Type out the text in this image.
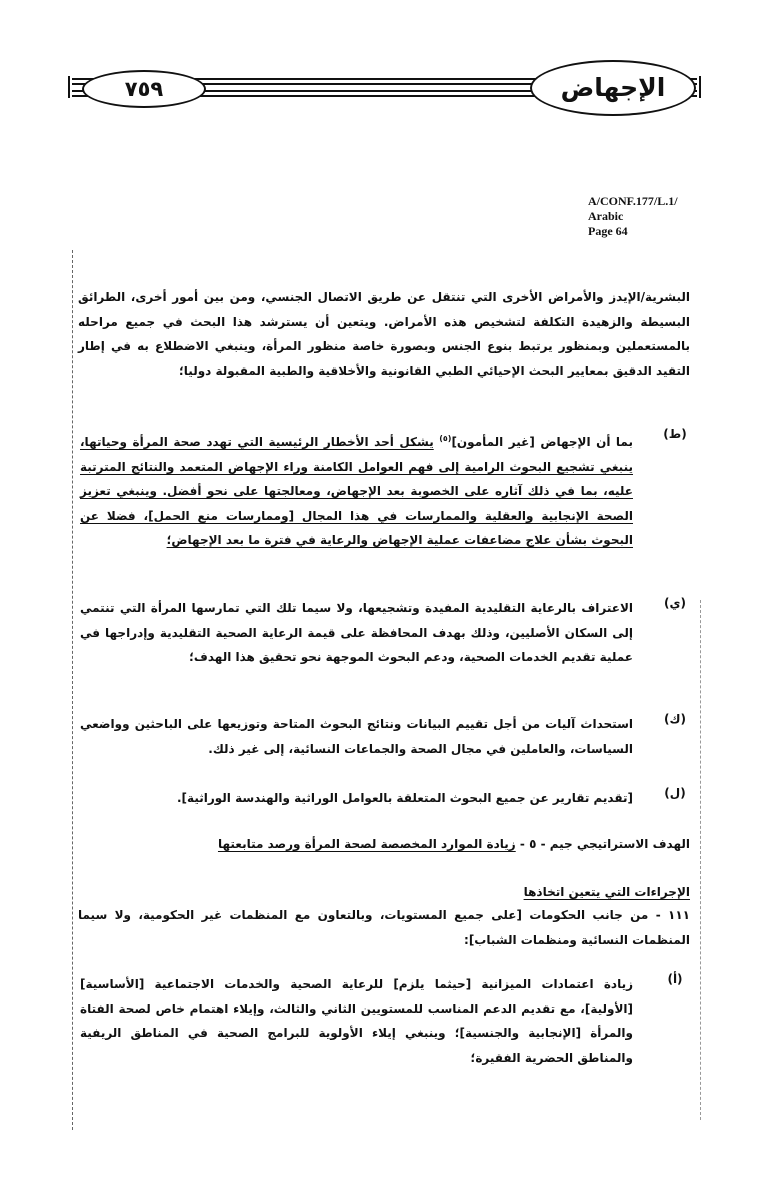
٧٥٩	الإجهاض
A/CONF.177/L.1/
Arabic
Page 64

البشرية/الإيدز والأمراض الأخرى التي تنتقل عن طريق الاتصال الجنسي، ومن بين أمور أخرى، الطرائق البسيطة والزهيدة التكلفة لتشخيص هذه الأمراض. ويتعين أن يسترشد هذا البحث في جميع مراحله بالمستعملين وبمنظور يرتبط بنوع الجنس وبصورة خاصة منظور المرأة، وينبغي الاضطلاع به في إطار التقيد الدقيق بمعايير البحث الإحيائي الطبي القانونية والأخلاقية والطبية المقبولة دوليا؛

(ط)
بما أن الإجهاض [غير المأمون]$^{(٥)}$ يشكل أحد الأخطار الرئيسية التي تهدد صحة المرأة وحياتها، ينبغي تشجيع البحوث الرامية إلى فهم العوامل الكامنة وراء الإجهاض المتعمد والنتائج المترتبة عليه، بما في ذلك آثاره على الخصوبة بعد الإجهاض، ومعالجتها على نحو أفضل. وينبغي تعزيز الصحة الإنجابية والعقلية والممارسات في هذا المجال [وممارسات منع الحمل]، فضلا عن البحوث بشأن علاج مضاعفات عملية الإجهاض والرعاية في فترة ما بعد الإجهاض؛
(ي)
الاعتراف بالرعاية التقليدية المفيدة وتشجيعها، ولا سيما تلك التي تمارسها المرأة التي تنتمي إلى السكان الأصليين، وذلك بهدف المحافظة على قيمة الرعاية الصحية التقليدية وإدراجها في عملية تقديم الخدمات الصحية، ودعم البحوث الموجهة نحو تحقيق هذا الهدف؛
(ك)
استحداث آليات من أجل تقييم البيانات ونتائج البحوث المتاحة وتوزيعها على الباحثين وواضعي السياسات، والعاملين في مجال الصحة والجماعات النسائية، إلى غير ذلك.
(ل)
[تقديم تقارير عن جميع البحوث المتعلقة بالعوامل الوراثية والهندسة الوراثية].
الهدف الاستراتيجي جيم - ٥ - زيادة الموارد المخصصة لصحة المرأة ورصد متابعتها
الإجراءات التي يتعين اتخاذها
١١١ - من جانب الحكومات [على جميع المستويات، وبالتعاون مع المنظمات غير الحكومية، ولا سيما المنظمات النسائية ومنظمات الشباب]:
(أ)
زيادة اعتمادات الميزانية [حيثما يلزم] للرعاية الصحية والخدمات الاجتماعية [الأساسية] [الأولية]، مع تقديم الدعم المناسب للمستويين الثاني والثالث، وإيلاء اهتمام خاص لصحة الفتاة والمرأة [الإنجابية والجنسية]؛ وينبغي إيلاء الأولوية للبرامج الصحية في المناطق الريفية والمناطق الحضرية الفقيرة؛
